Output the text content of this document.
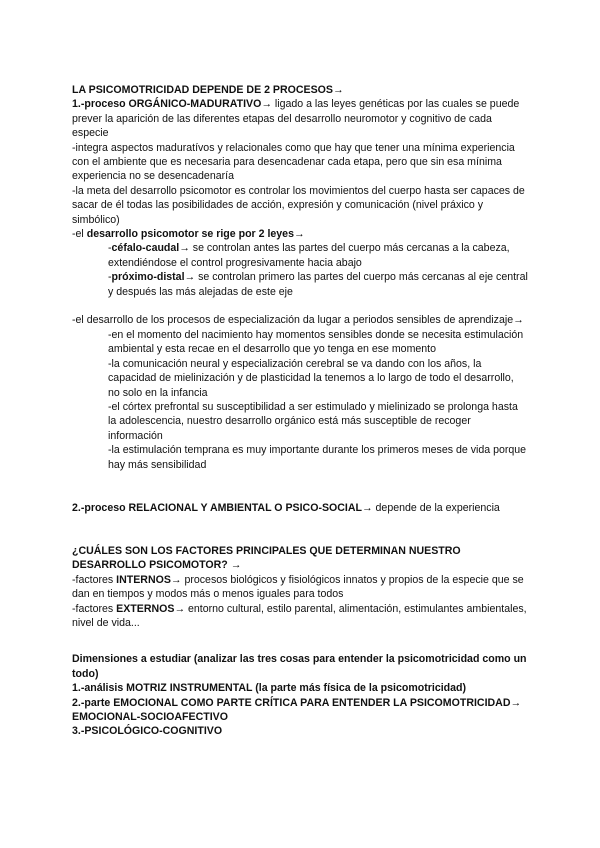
LA PSICOMOTRICIDAD DEPENDE DE 2 PROCESOS→

1.-proceso ORGÁNICO-MADURATIVO→ ligado a las leyes genéticas por las cuales se puede prever la aparición de las diferentes etapas del desarrollo neuromotor y cognitivo de cada especie

-integra aspectos maduratívos y relacionales como que hay que tener una mínima experiencia con el ambiente que es necesaria para desencadenar cada etapa, pero que sin esa mínima experiencia no se desencadenaría

-la meta del desarrollo psicomotor es controlar los movimientos del cuerpo hasta ser capaces de sacar de él todas las posibilidades de acción, expresión y comunicación (nivel práxico y simbólico)

-el desarrollo psicomotor se rige por 2 leyes→

-céfalo-caudal→ se controlan antes las partes del cuerpo más cercanas a la cabeza, extendiéndose el control progresivamente hacia abajo

-próximo-distal→ se controlan primero las partes del cuerpo más cercanas al eje central y después las más alejadas de este eje

-el desarrollo de los procesos de especialización da lugar a periodos sensibles de aprendizaje→

-en el momento del nacimiento hay momentos sensibles donde se necesita estimulación ambiental y esta recae en el desarrollo que yo tenga en ese momento

-la comunicación neural y especialización cerebral se va dando con los años, la capacidad de mielinización y de plasticidad la tenemos a lo largo de todo el desarrollo, no solo en la infancia

-el córtex prefrontal su susceptibilidad a ser estimulado y mielinizado se prolonga hasta la adolescencia, nuestro desarrollo orgánico está más susceptible de recoger información

-la estimulación temprana es muy importante durante los primeros meses de vida porque hay más sensibilidad

2.-proceso RELACIONAL Y AMBIENTAL O PSICO-SOCIAL→ depende de la experiencia

¿CUÁLES SON LOS FACTORES PRINCIPALES QUE DETERMINAN NUESTRO DESARROLLO PSICOMOTOR? →

-factores INTERNOS→ procesos biológicos y fisiológicos innatos y propios de la especie que se dan en tiempos y modos más o menos iguales para todos

-factores EXTERNOS→ entorno cultural, estilo parental, alimentación, estimulantes ambientales, nivel de vida...

Dimensiones a estudiar (analizar las tres cosas para entender la psicomotricidad como un todo)

1.-análisis MOTRIZ INSTRUMENTAL (la parte más física de la psicomotricidad)

2.-parte EMOCIONAL COMO PARTE CRÍTICA PARA ENTENDER LA PSICOMOTRICIDAD→ EMOCIONAL-SOCIOAFECTIVO

3.-PSICOLÓGICO-COGNITIVO
